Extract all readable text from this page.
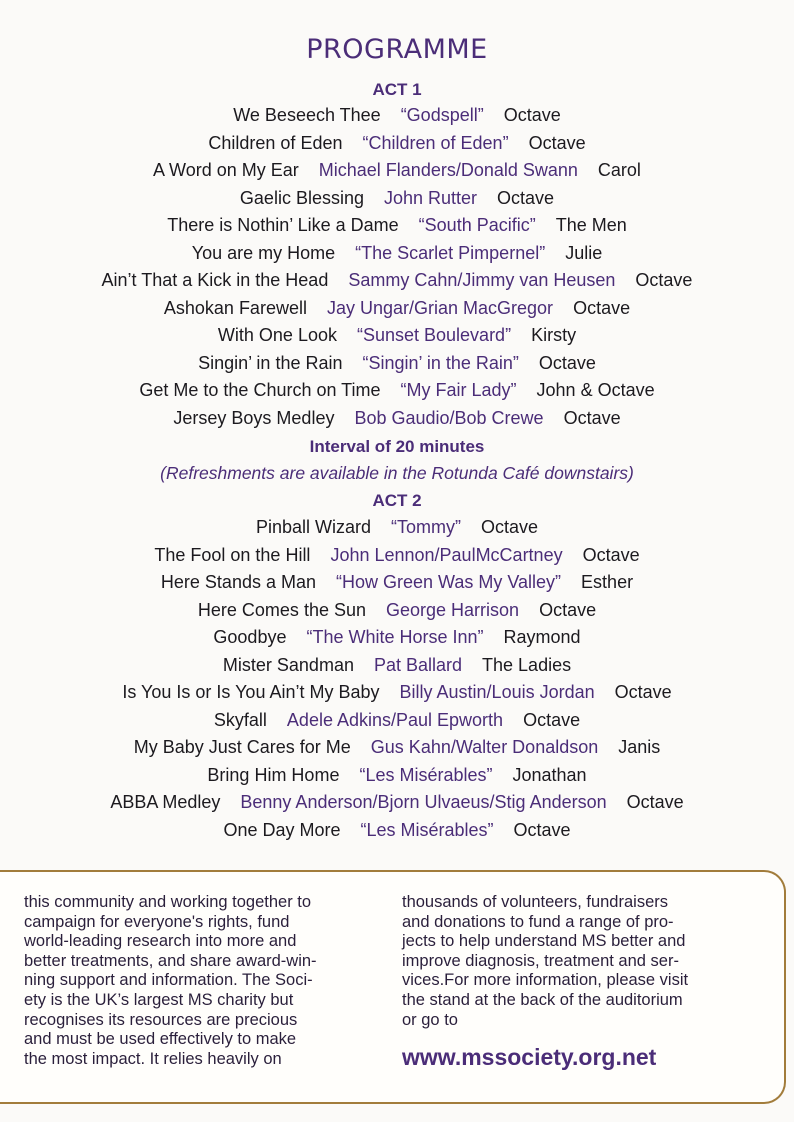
PROGRAMME
ACT 1
We Beseech Thee “Godspell” Octave
Children of Eden “Children of Eden” Octave
A Word on My Ear Michael Flanders/Donald Swann Carol
Gaelic Blessing John Rutter Octave
There is Nothin’ Like a Dame “South Pacific” The Men
You are my Home “The Scarlet Pimpernel” Julie
Ain’t That a Kick in the Head Sammy Cahn/Jimmy van Heusen Octave
Ashokan Farewell Jay Ungar/Grian MacGregor Octave
With One Look “Sunset Boulevard” Kirsty
Singin’ in the Rain “Singin’ in the Rain” Octave
Get Me to the Church on Time “My Fair Lady” John & Octave
Jersey Boys Medley Bob Gaudio/Bob Crewe Octave
Interval of 20 minutes
(Refreshments are available in the Rotunda Café downstairs)
ACT 2
Pinball Wizard “Tommy” Octave
The Fool on the Hill John Lennon/PaulMcCartney Octave
Here Stands a Man “How Green Was My Valley” Esther
Here Comes the Sun George Harrison Octave
Goodbye “The White Horse Inn” Raymond
Mister Sandman Pat Ballard The Ladies
Is You Is or Is You Ain’t My Baby Billy Austin/Louis Jordan Octave
Skyfall Adele Adkins/Paul Epworth Octave
My Baby Just Cares for Me Gus Kahn/Walter Donaldson Janis
Bring Him Home “Les Misérables” Jonathan
ABBA Medley Benny Anderson/Bjorn Ulvaeus/Stig Anderson Octave
One Day More “Les Misérables” Octave
this community and working together to
campaign for everyone's rights, fund
world-leading research into more and
better treatments, and share award-win-
ning support and information. The Soci-
ety is the UK’s largest MS charity but
recognises its resources are precious
and must be used effectively to make
the most impact. It relies heavily on
thousands of volunteers, fundraisers
and donations to fund a range of pro-
jects to help understand MS better and
improve diagnosis, treatment and ser-
vices.For more information, please visit
the stand at the back of the auditorium
or go to
www.mssociety.org.net
